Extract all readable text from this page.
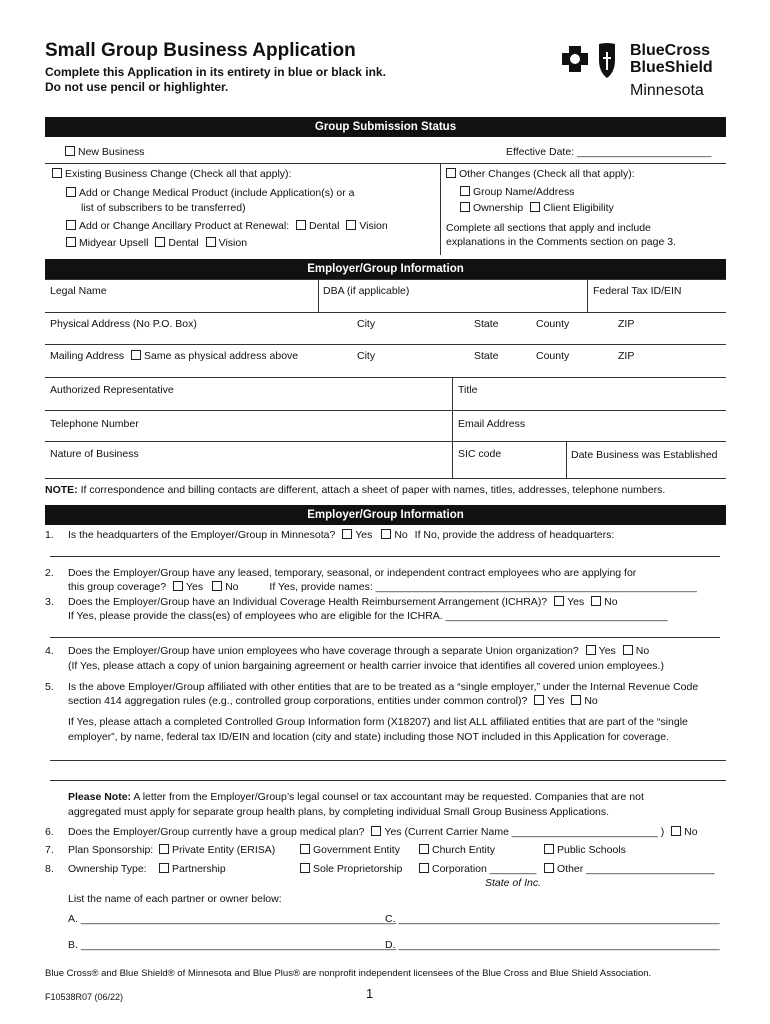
Small Group Business Application
Complete this Application in its entirety in blue or black ink.
Do not use pencil or highlighter.
BlueCross
BlueShield
Minnesota
Group Submission Status
New Business	Effective Date: _______________________
Existing Business Change (Check all that apply):
Add or Change Medical Product (include Application(s) or a
list of subscribers to be transferred)
Add or Change Ancillary Product at Renewal: Dental Vision
Midyear Upsell Dental Vision
Other Changes (Check all that apply):
Group Name/Address
Ownership Client Eligibility
Complete all sections that apply and include
explanations in the Comments section on page 3.
Employer/Group Information
Legal Name	DBA (if applicable)	Federal Tax ID/EIN
Physical Address (No P.O. Box)	City	State	County	ZIP
Mailing Address Same as physical address above	City	State	County	ZIP
Authorized Representative	Title
Telephone Number	Email Address
Nature of Business	SIC code	Date Business was Established
NOTE: If correspondence and billing contacts are different, attach a sheet of paper with names, titles, addresses, telephone numbers.
Employer/Group Information
1. Is the headquarters of the Employer/Group in Minnesota? Yes No If No, provide the address of headquarters:
2. Does the Employer/Group have any leased, temporary, seasonal, or independent contract employees who are applying for
this group coverage? Yes No	If Yes, provide names: _______________________________________________________
3. Does the Employer/Group have an Individual Coverage Health Reimbursement Arrangement (ICHRA)? Yes No
If Yes, please provide the class(es) of employees who are eligible for the ICHRA. ______________________________________
4. Does the Employer/Group have union employees who have coverage through a separate Union organization? Yes No
(If Yes, please attach a copy of union bargaining agreement or health carrier invoice that identifies all covered union employees.)
5. Is the above Employer/Group affiliated with other entities that are to be treated as a “single employer,” under the Internal Revenue Code
section 414 aggregation rules (e.g., controlled group corporations, entities under common control)? Yes No
If Yes, please attach a completed Controlled Group Information form (X18207) and list ALL affiliated entities that are part of the “single
employer”, by name, federal tax ID/EIN and location (city and state) including those NOT included in this Application for coverage.
Please Note: A letter from the Employer/Group’s legal counsel or tax accountant may be requested. Companies that are not
aggregated must apply for separate group health plans, by completing individual Small Group Business Applications.
6. Does the Employer/Group currently have a group medical plan? Yes (Current Carrier Name _________________________ ) No
7. Plan Sponsorship:	Private Entity (ERISA)	Government Entity	Church Entity	Public Schools
8. Ownership Type:	Partnership	Sole Proprietorship	Corporation ________	Other ______________________
State of Inc.
List the name of each partner or owner below:
A. ______________________________________________________
C. _______________________________________________________
B. ______________________________________________________
D. _______________________________________________________
Blue Cross® and Blue Shield® of Minnesota and Blue Plus® are nonprofit independent licensees of the Blue Cross and Blue Shield Association.
1
F10538R07 (06/22)
